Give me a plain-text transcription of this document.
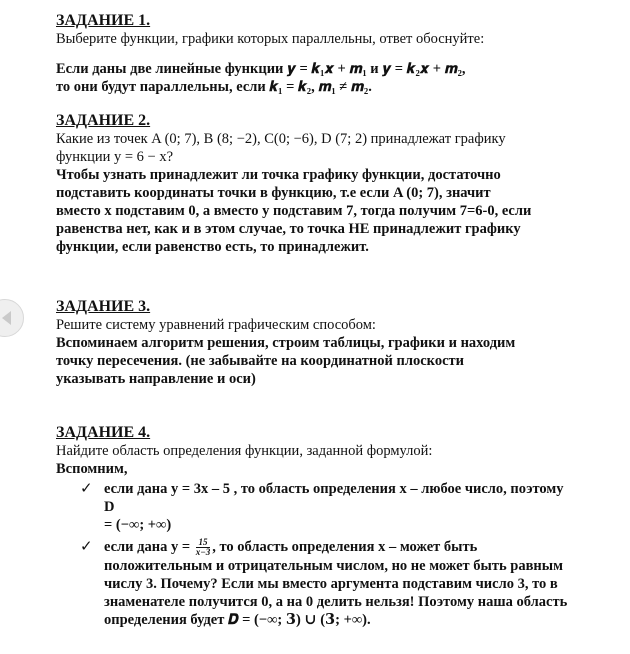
ЗАДАНИЕ 1.

Выберите функции, графики которых параллельны, ответ обоснуйте:

Если даны две линейные функции 𝒚 = 𝒌₁𝒙 + 𝒎₁ и 𝒚 = 𝒌₂𝒙 + 𝒎₂,

то они будут параллельны, если 𝒌₁ = 𝒌₂, 𝒎₁ ≠ 𝒎₂.

ЗАДАНИЕ 2.

Какие из точек A (0; 7), B (8; −2), C(0; −6), D (7; 2) принадлежат графику

функции y = 6 − x?

Чтобы узнать принадлежит ли точка графику функции, достаточно

подставить координаты точки в функцию, т.е если A (0; 7), значит

вместо х подставим 0, а вместо у подставим 7, тогда получим 7=6-0, если

равенства нет, как и в этом случае, то точка НЕ принадлежит графику

функции, если равенство есть, то принадлежит.

ЗАДАНИЕ 3.

Решите систему уравнений графическим способом:

Вспоминаем алгоритм решения, строим таблицы, графики и находим

точку пересечения. (не забывайте на координатной плоскости

указывать направление и оси)

ЗАДАНИЕ 4.

Найдите область определения функции, заданной формулой:

Вспомним,

✓ если дана у = 3х – 5 , то область определения х – любое число, поэтому D
= (−∞; +∞)
✓ если дана $y = \frac{15}{x-3}$ , то область определения х – может быть
положительным и отрицательным числом, но не может быть равным
числу 3. Почему? Если мы вместо аргумента подставим число 3, то в
знаменателе получится 0, а на 0 делить нельзя! Поэтому наша область
определения будет 𝑫 = (−∞; 𝟑) ∪ (𝟑; +∞).
